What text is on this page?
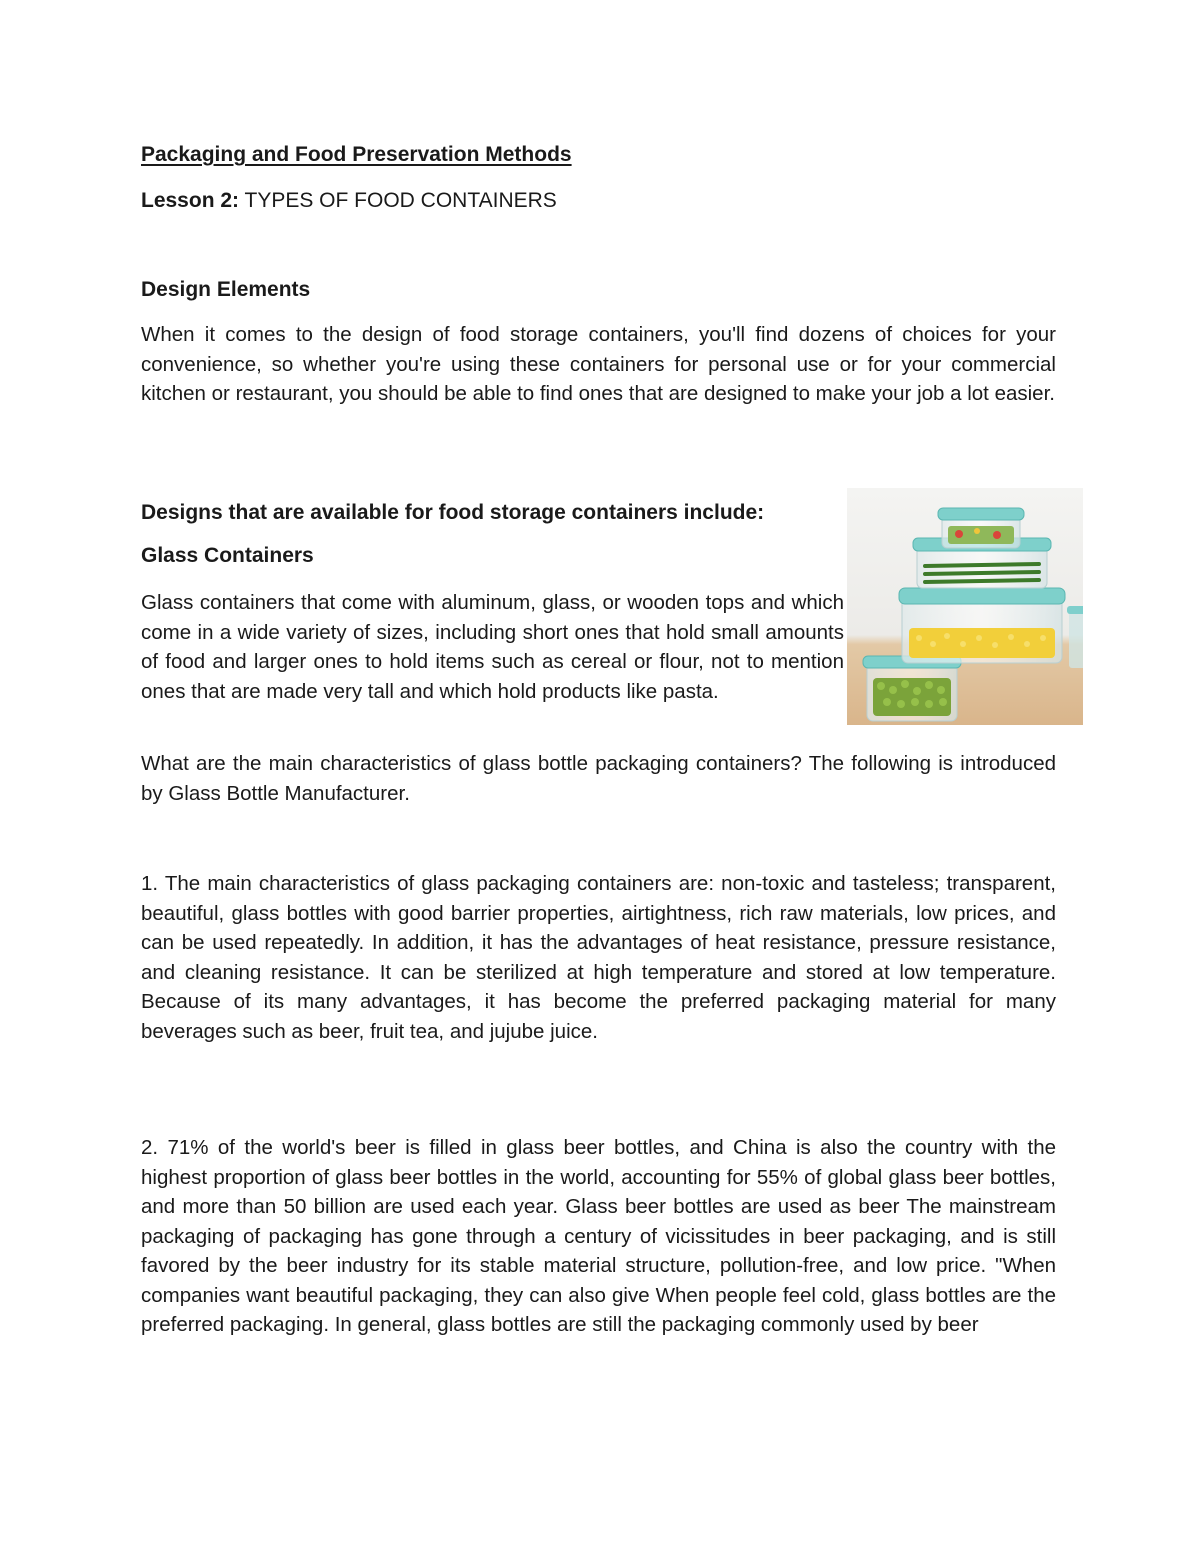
Packaging and Food Preservation Methods

Lesson 2: TYPES OF FOOD CONTAINERS

Design Elements

When it comes to the design of food storage containers, you'll find dozens of choices for your convenience, so whether you're using these containers for personal use or for your commercial kitchen or restaurant, you should be able to find ones that are designed to make your job a lot easier.

Designs that are available for food storage containers include:
Glass Containers

Glass containers that come with aluminum, glass, or wooden tops and which come in a wide variety of sizes, including short ones that hold small amounts of food and larger ones to hold items such as cereal or flour, not to mention ones that are made very tall and which hold products like pasta.

What are the main characteristics of glass bottle packaging containers? The following is introduced by Glass Bottle Manufacturer.

1. The main characteristics of glass packaging containers are: non-toxic and tasteless; transparent, beautiful, glass bottles with good barrier properties, airtightness, rich raw materials, low prices, and can be used repeatedly. In addition, it has the advantages of heat resistance, pressure resistance, and cleaning resistance. It can be sterilized at high temperature and stored at low temperature. Because of its many advantages, it has become the preferred packaging material for many beverages such as beer, fruit tea, and jujube juice.

2. 71% of the world's beer is filled in glass beer bottles, and China is also the country with the highest proportion of glass beer bottles in the world, accounting for 55% of global glass beer bottles, and more than 50 billion are used each year. Glass beer bottles are used as beer The mainstream packaging of packaging has gone through a century of vicissitudes in beer packaging, and is still favored by the beer industry for its stable material structure, pollution-free, and low price. "When companies want beautiful packaging, they can also give When people feel cold, glass bottles are the preferred packaging. In general, glass bottles are still the packaging commonly used by beer
